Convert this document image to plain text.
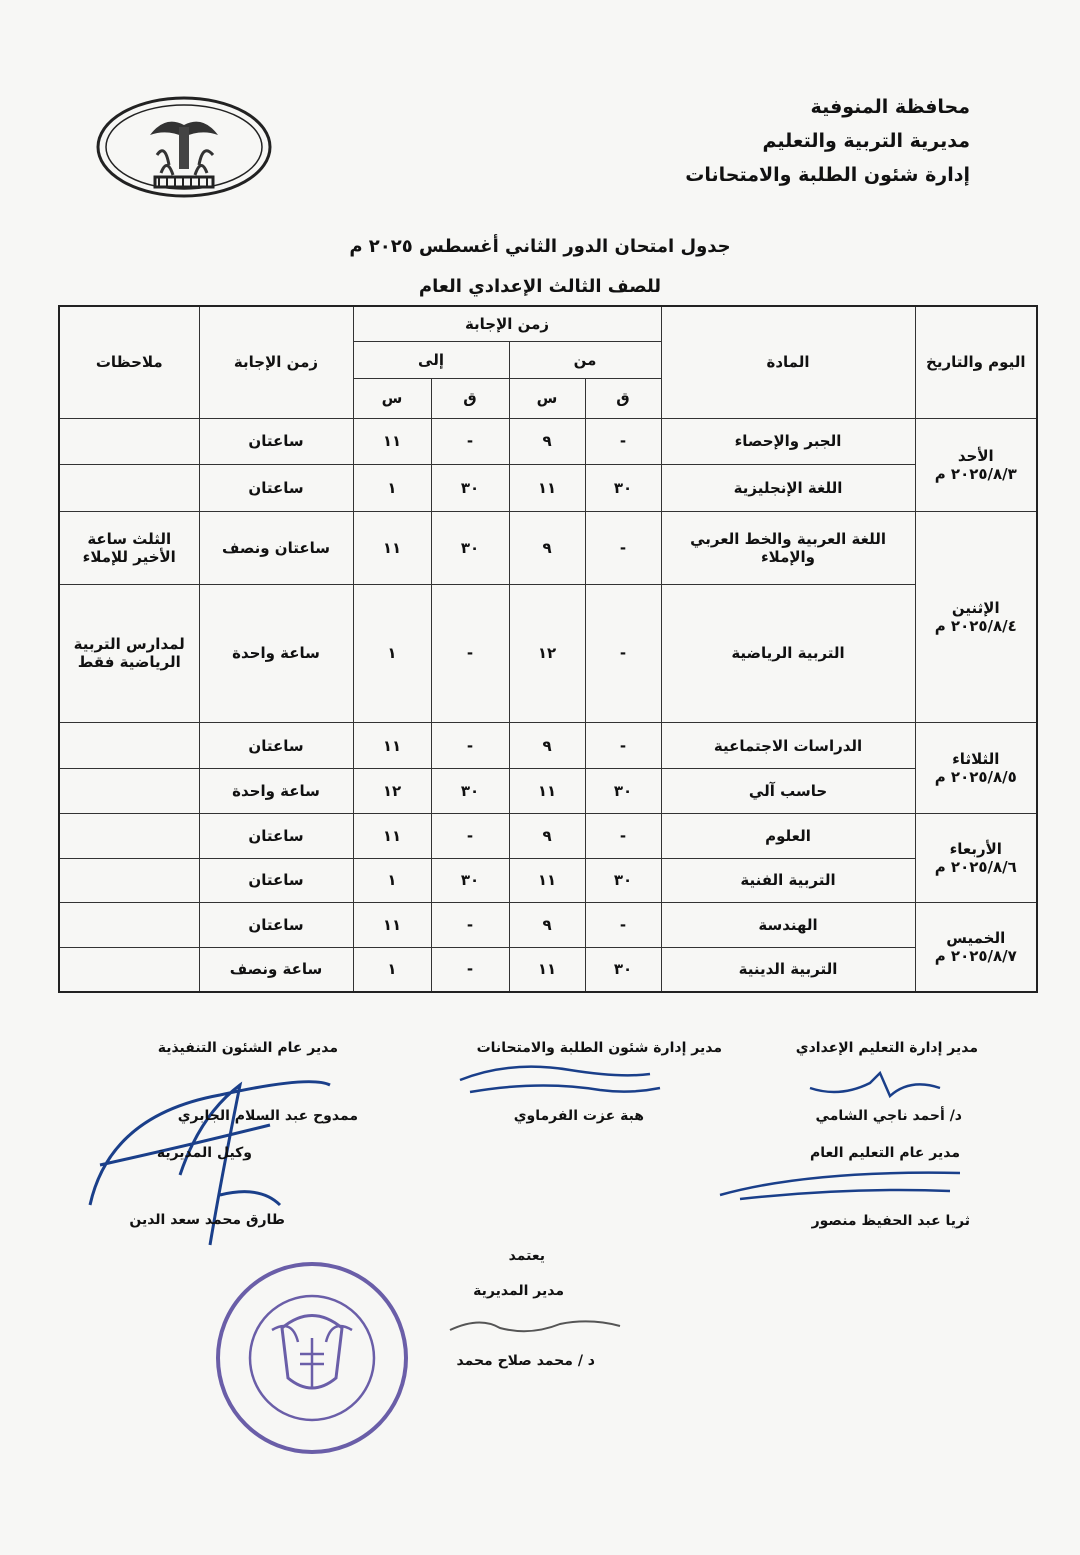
محافظة المنوفية
مديرية التربية والتعليم
إدارة شئون الطلبة والامتحانات
جدول امتحان الدور الثاني أغسطس ٢٠٢٥ م
للصف الثالث الإعدادي العام
اليوم والتاريخ	المادة	زمن الإجابة				زمن الإجابة	ملاحظات
		من		إلى			
		ق	س	ق	س		

الأحد
٢٠٢٥/٨/٣ م	الجبر والإحصاء	-	٩	-	١١	ساعتان	
	اللغة الإنجليزية	٣٠	١١	٣٠	١	ساعتان	

الإثنين
٢٠٢٥/٨/٤ م	اللغة العربية والخط العربي والإملاء	-	٩	٣٠	١١	ساعتان ونصف	الثلث ساعة الأخير للإملاء
	التربية الرياضية	-	١٢	-	١	ساعة واحدة	لمدارس التربية الرياضية فقط

الثلاثاء
٢٠٢٥/٨/٥ م	الدراسات الاجتماعية	-	٩	-	١١	ساعتان	
	حاسب آلي	٣٠	١١	٣٠	١٢	ساعة واحدة	

الأربعاء
٢٠٢٥/٨/٦ م	العلوم	-	٩	-	١١	ساعتان	
	التربية الفنية	٣٠	١١	٣٠	١	ساعتان	

الخميس
٢٠٢٥/٨/٧ م	الهندسة	-	٩	-	١١	ساعتان	
	التربية الدينية	٣٠	١١	-	١	ساعة ونصف	
مدير عام الشئون التنفيذية
ممدوح عبد السلام الجابري
وكيل المديرية
طارق محمد سعد الدين
مدير إدارة شئون الطلبة والامتحانات
هبة عزت الفرماوي
مدير إدارة التعليم الإعدادي
د/ أحمد ناجي الشامي
مدير عام التعليم العام
ثريا عبد الحفيظ منصور
يعتمد
مدير المديرية
د / محمد صلاح محمد
